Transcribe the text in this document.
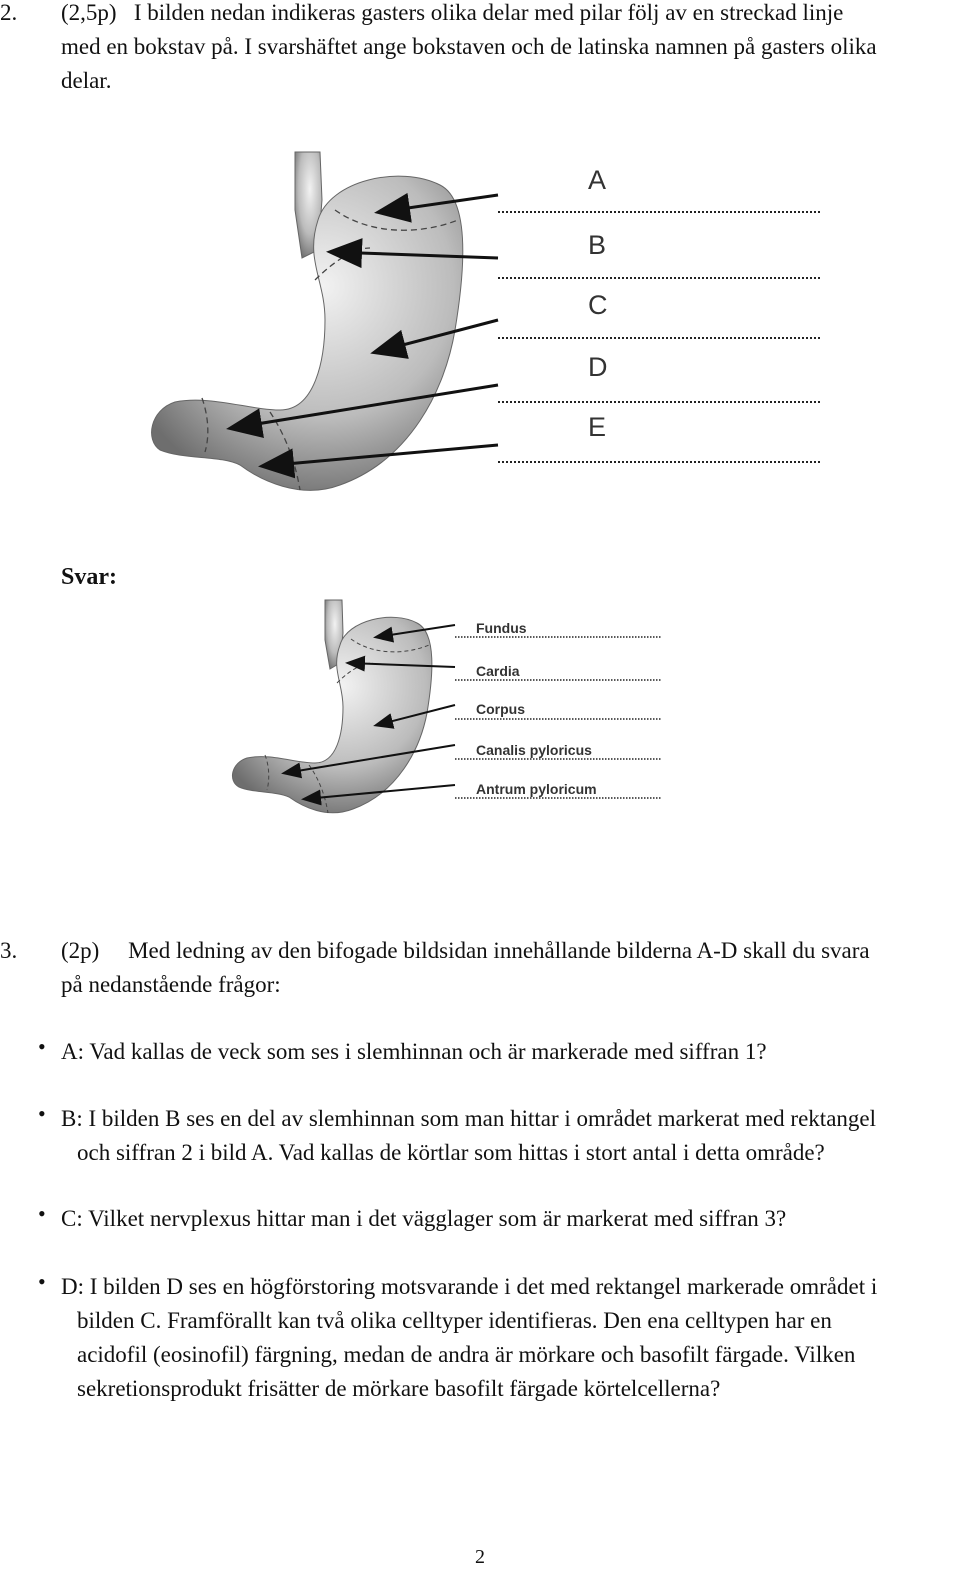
2. (2,5p)   I bilden nedan indikeras gasters olika delar med pilar följ av en streckad linje
med en bokstav på. I svarshäftet ange bokstaven och de latinska namnen på gasters olika
delar.
A
B
C
D
E
Svar:
Fundus
Cardia
Corpus
Canalis pyloricus
Antrum pyloricum
3. (2p)     Med ledning av den bifogade bildsidan innehållande bilderna A-D skall du svara
på nedanstående frågor:
• A: Vad kallas de veck som ses i slemhinnan och är markerade med siffran 1?
• B: I bilden B ses en del av slemhinnan som man hittar i området markerat med rektangel
och siffran 2 i bild A. Vad kallas de körtlar som hittas i stort antal i detta område?
• C: Vilket nervplexus hittar man i det vägglager som är markerat med siffran 3?
• D: I bilden D ses en högförstoring motsvarande i det med rektangel markerade området i
bilden C. Framförallt kan två olika celltyper identifieras. Den ena celltypen har en
acidofil (eosinofil) färgning, medan de andra är mörkare och basofilt färgade. Vilken
sekretionsprodukt frisätter de mörkare basofilt färgade körtelcellerna?
2
